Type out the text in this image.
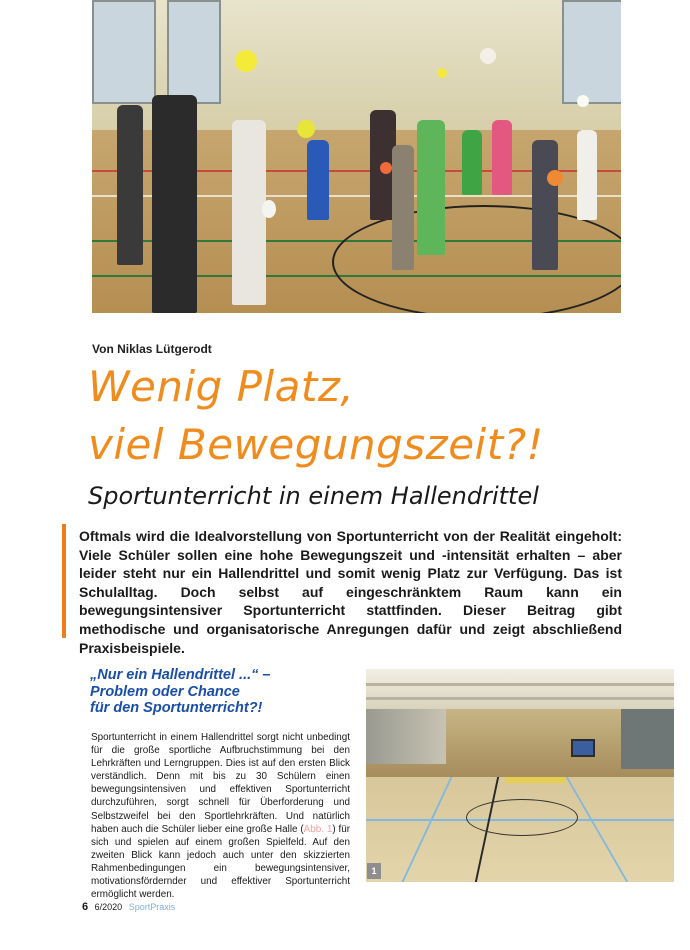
Von Niklas Lütgerodt
Wenig Platz,
viel Bewegungszeit?!
Sportunterricht in einem Hallendrittel
Oftmals wird die Idealvorstellung von Sportunterricht von der Realität eingeholt: Viele Schüler sollen eine hohe Bewegungszeit und -intensität erhalten – aber leider steht nur ein Hallendrittel und somit wenig Platz zur Verfügung. Das ist Schulalltag. Doch selbst auf eingeschränktem Raum kann ein bewegungsintensiver Sportunterricht stattfinden. Dieser Beitrag gibt methodische und organisatorische Anregungen dafür und zeigt abschließend Praxisbeispiele.
„Nur ein Hallendrittel ...“ –
Problem oder Chance
für den Sportunterricht?!
Sportunterricht in einem Hallendrittel sorgt nicht unbedingt für die große sportliche Aufbruchstimmung bei den Lehrkräften und Lerngruppen. Dies ist auf den ersten Blick verständlich. Denn mit bis zu 30 Schülern einen bewegungsintensiven und effektiven Sportunterricht durchzuführen, sorgt schnell für Überforderung und Selbstzweifel bei den Sportlehrkräften. Und natürlich haben auch die Schüler lieber eine große Halle (Abb. 1) für sich und spielen auf einem großen Spielfeld. Auf den zweiten Blick kann jedoch auch unter den skizzierten Rahmenbedingungen ein bewegungsintensiver, motivationsfördernder und effektiver Sportunterricht ermöglicht werden.
1
6 6/2020 SportPraxis
